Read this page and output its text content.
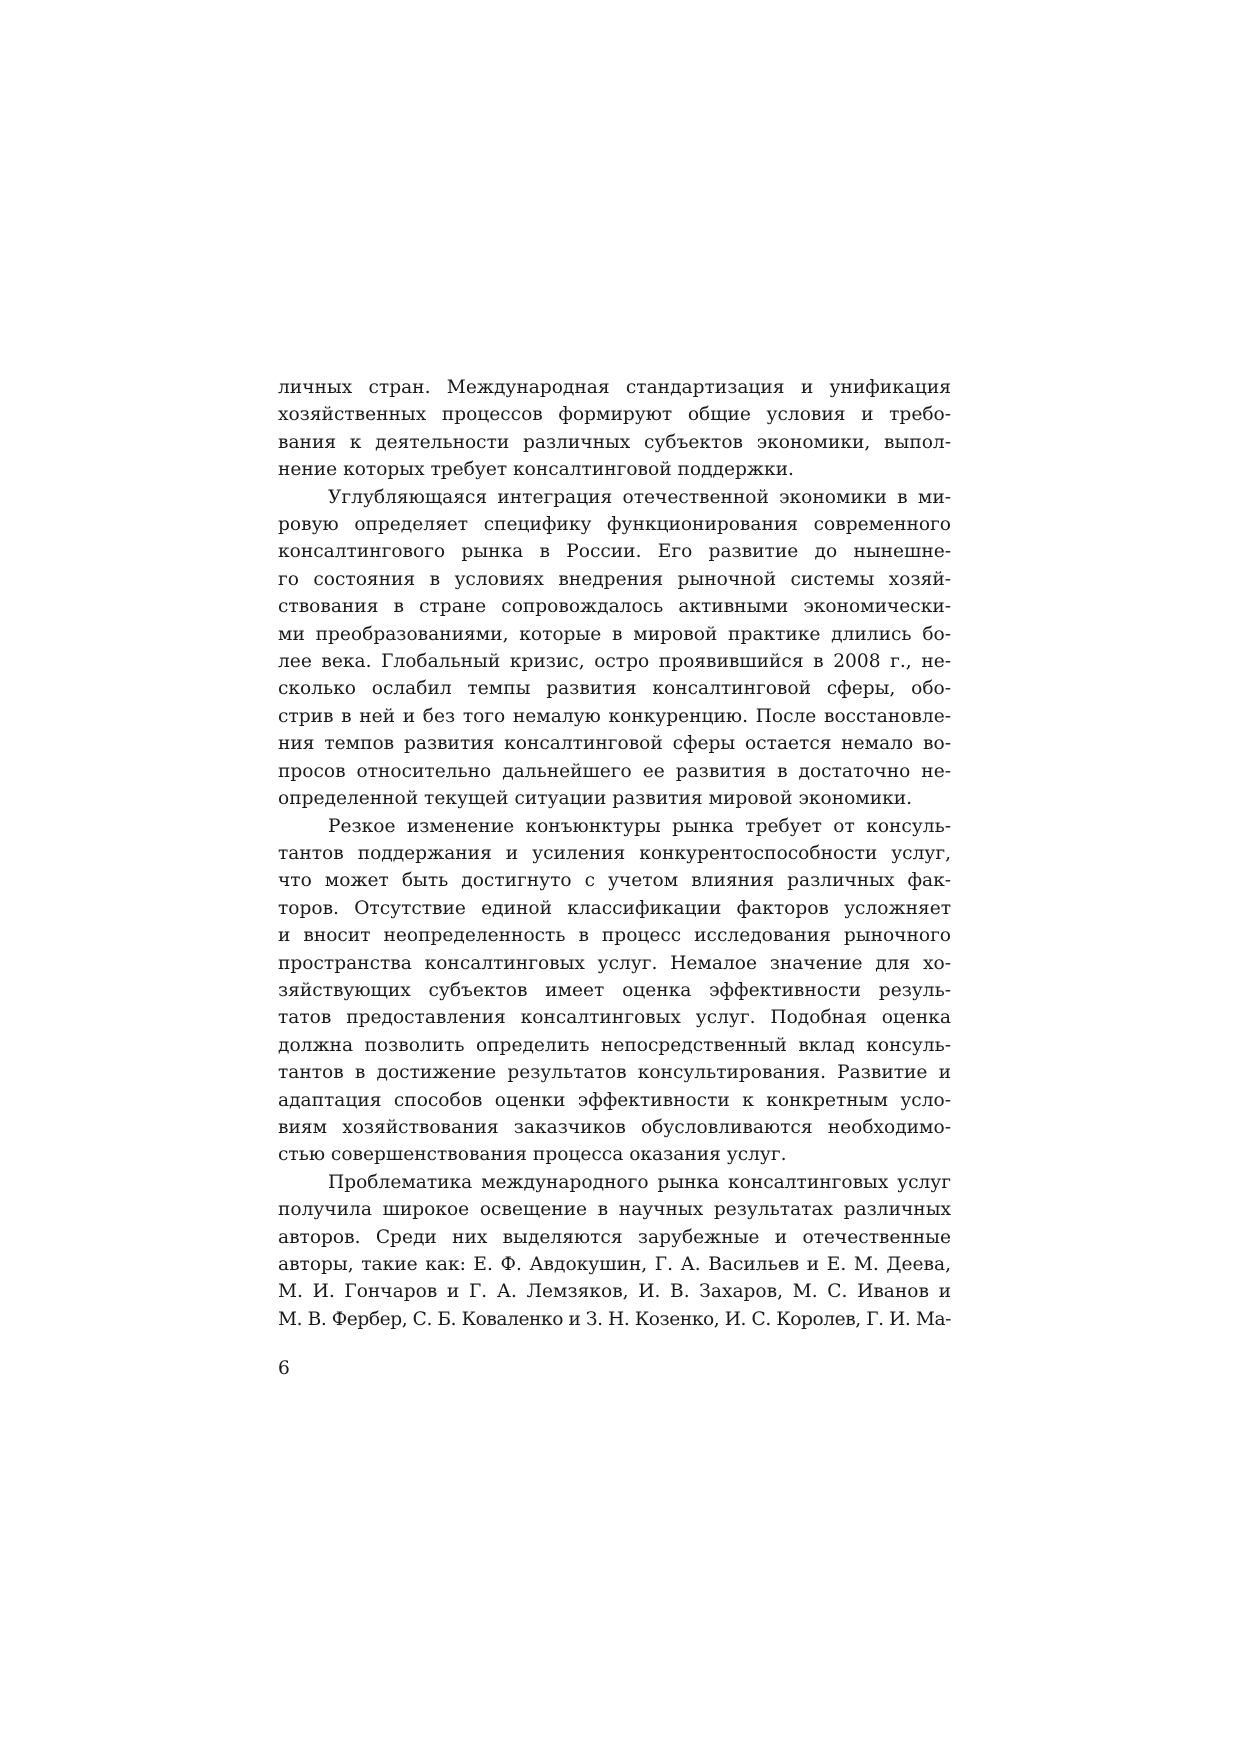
личных стран. Международная стандартизация и унификация
хозяйственных процессов формируют общие условия и требо-
вания к деятельности различных субъектов экономики, выпол-
нение которых требует консалтинговой поддержки.

Углубляющаяся интеграция отечественной экономики в ми-
ровую определяет специфику функционирования современного
консалтингового рынка в России. Его развитие до нынешне-
го состояния в условиях внедрения рыночной системы хозяй-
ствования в стране сопровождалось активными экономически-
ми преобразованиями, которые в мировой практике длились бо-
лее века. Глобальный кризис, остро проявившийся в 2008 г., не-
сколько ослабил темпы развития консалтинговой сферы, обо-
стрив в ней и без того немалую конкуренцию. После восстановле-
ния темпов развития консалтинговой сферы остается немало во-
просов относительно дальнейшего ее развития в достаточно не-
определенной текущей ситуации развития мировой экономики.

Резкое изменение конъюнктуры рынка требует от консуль-
тантов поддержания и усиления конкурентоспособности услуг,
что может быть достигнуто с учетом влияния различных фак-
торов. Отсутствие единой классификации факторов усложняет
и вносит неопределенность в процесс исследования рыночного
пространства консалтинговых услуг. Немалое значение для хо-
зяйствующих субъектов имеет оценка эффективности резуль-
татов предоставления консалтинговых услуг. Подобная оценка
должна позволить определить непосредственный вклад консуль-
тантов в достижение результатов консультирования. Развитие и
адаптация способов оценки эффективности к конкретным усло-
виям хозяйствования заказчиков обусловливаются необходимо-
стью совершенствования процесса оказания услуг.

Проблематика международного рынка консалтинговых услуг
получила широкое освещение в научных результатах различных
авторов. Среди них выделяются зарубежные и отечественные
авторы, такие как: Е. Ф. Авдокушин, Г. А. Васильев и Е. М. Деева,
М. И. Гончаров и Г. А. Лемзяков, И. В. Захаров, М. С. Иванов и
М. В. Фербер, С. Б. Коваленко и З. Н. Козенко, И. С. Королев, Г. И. Ма-

6
